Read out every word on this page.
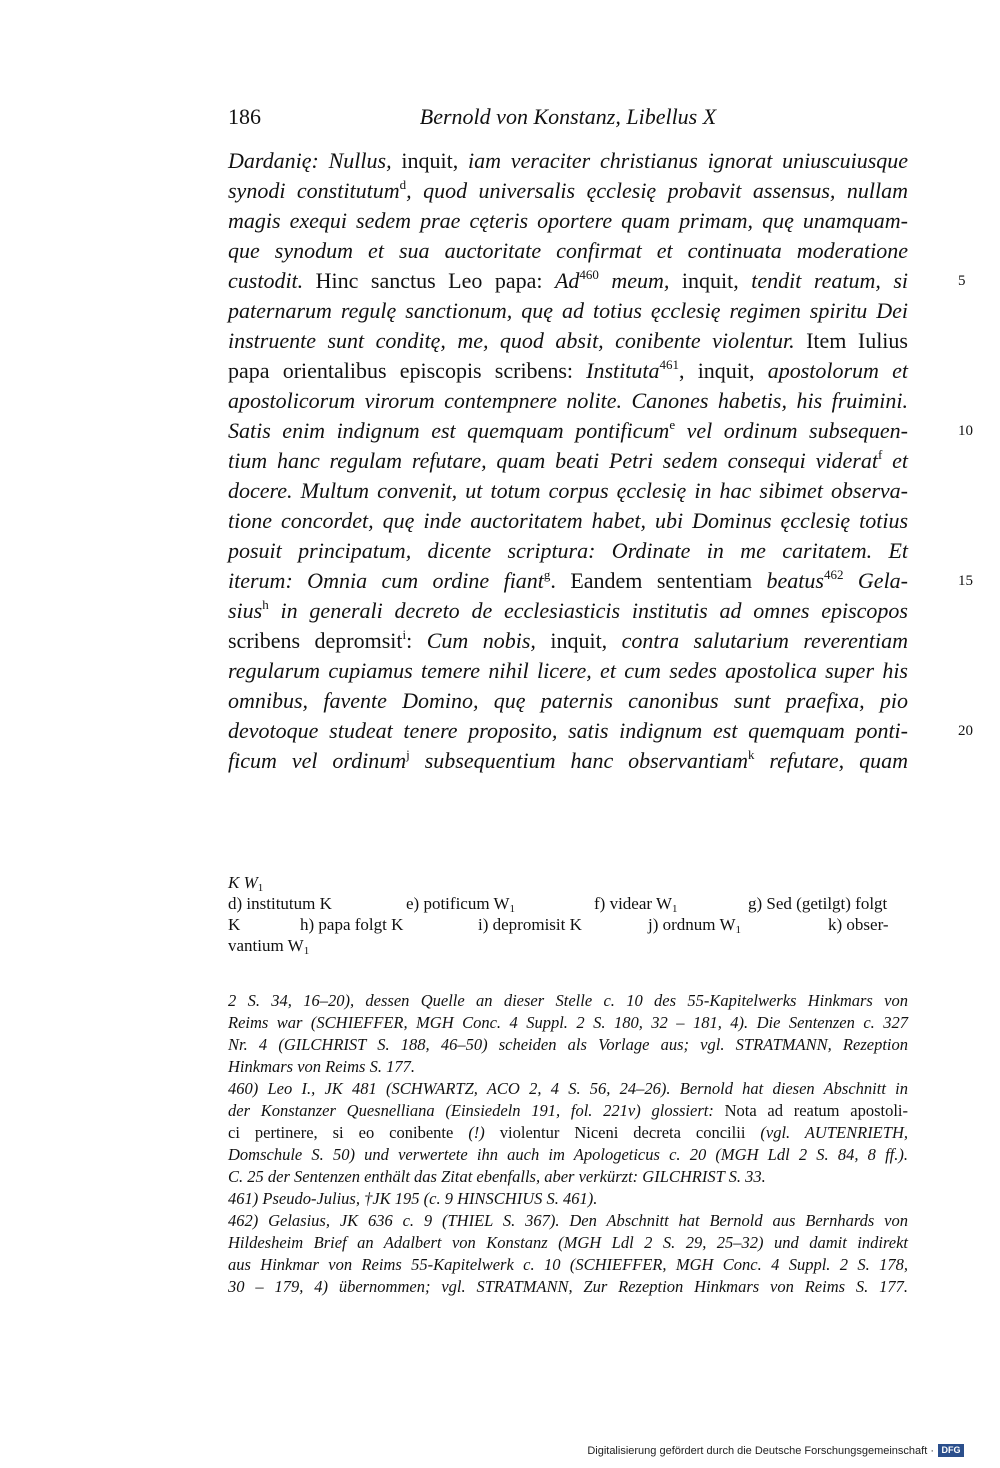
186	Bernold von Konstanz, Libellus X
Dardanię: Nullus, inquit, iam veraciter christianus ignorat uniuscuiusque
synodi constitutum$^d$, quod universalis ęcclesię probavit assensus, nullam
magis exequi sedem prae cęteris oportere quam primam, quę unamquam-
que synodum et sua auctoritate confirmat et continuata moderatione
custodit. Hinc sanctus Leo papa: Ad$^{460}$ meum, inquit, tendit reatum, si	5
paternarum regulę sanctionum, quę ad totius ęcclesię regimen spiritu Dei
instruente sunt conditę, me, quod absit, conibente violentur. Item Iulius
papa orientalibus episcopis scribens: Instituta$^{461}$, inquit, apostolorum et
apostolicorum virorum contempnere nolite. Canones habetis, his fruimini.
Satis enim indignum est quemquam pontificum$^e$ vel ordinum subsequen-	10
tium hanc regulam refutare, quam beati Petri sedem consequi viderat$^f$ et
docere. Multum convenit, ut totum corpus ęcclesię in hac sibimet observa-
tione concordet, quę inde auctoritatem habet, ubi Dominus ęcclesię totius
posuit principatum, dicente scriptura: Ordinate in me caritatem. Et
iterum: Omnia cum ordine fiant$^g$. Eandem sententiam beatus$^{462}$ Gela-	15
sius$^h$ in generali decreto de ecclesiasticis institutis ad omnes episcopos
scribens depromsit$^i$: Cum nobis, inquit, contra salutarium reverentiam
regularum cupiamus temere nihil licere, et cum sedes apostolica super his
omnibus, favente Domino, quę paternis canonibus sunt praefixa, pio
devotoque studeat tenere proposito, satis indignum est quemquam ponti-	20
ficum vel ordinum$^j$ subsequentium hanc observantiam$^k$ refutare, quam
K $W_1$
d) institutum K	e) potificum $W_1$	f) videar $W_1$	g) Sed (getilgt) folgt
K	h) papa folgt K	i) depromisit K	j) ordnum $W_1$	k) obser-
vantium $W_1$
2 S. 34, 16–20), dessen Quelle an dieser Stelle c. 10 des 55-Kapitelwerks Hinkmars von
Reims war (SCHIEFFER, MGH Conc. 4 Suppl. 2 S. 180, 32 – 181, 4). Die Sentenzen c. 327
Nr. 4 (GILCHRIST S. 188, 46–50) scheiden als Vorlage aus; vgl. STRATMANN, Rezeption
Hinkmars von Reims S. 177.
460) Leo I., JK 481 (SCHWARTZ, ACO 2, 4 S. 56, 24–26). Bernold hat diesen Abschnitt in
der Konstanzer Quesnelliana (Einsiedeln 191, fol. 221v) glossiert: Nota ad reatum apostoli-
ci pertinere, si eo conibente (!) violentur Niceni decreta concilii (vgl. AUTENRIETH,
Domschule S. 50) und verwertete ihn auch im Apologeticus c. 20 (MGH Ldl 2 S. 84, 8 ff.).
C. 25 der Sentenzen enthält das Zitat ebenfalls, aber verkürzt: GILCHRIST S. 33.
461) Pseudo-Julius, †JK 195 (c. 9 HINSCHIUS S. 461).
462) Gelasius, JK 636 c. 9 (THIEL S. 367). Den Abschnitt hat Bernold aus Bernhards von
Hildesheim Brief an Adalbert von Konstanz (MGH Ldl 2 S. 29, 25–32) und damit indirekt
aus Hinkmar von Reims 55-Kapitelwerk c. 10 (SCHIEFFER, MGH Conc. 4 Suppl. 2 S. 178,
30 – 179, 4) übernommen; vgl. STRATMANN, Zur Rezeption Hinkmars von Reims S. 177.
Digitalisierung gefördert durch die Deutsche Forschungsgemeinschaft · DFG
